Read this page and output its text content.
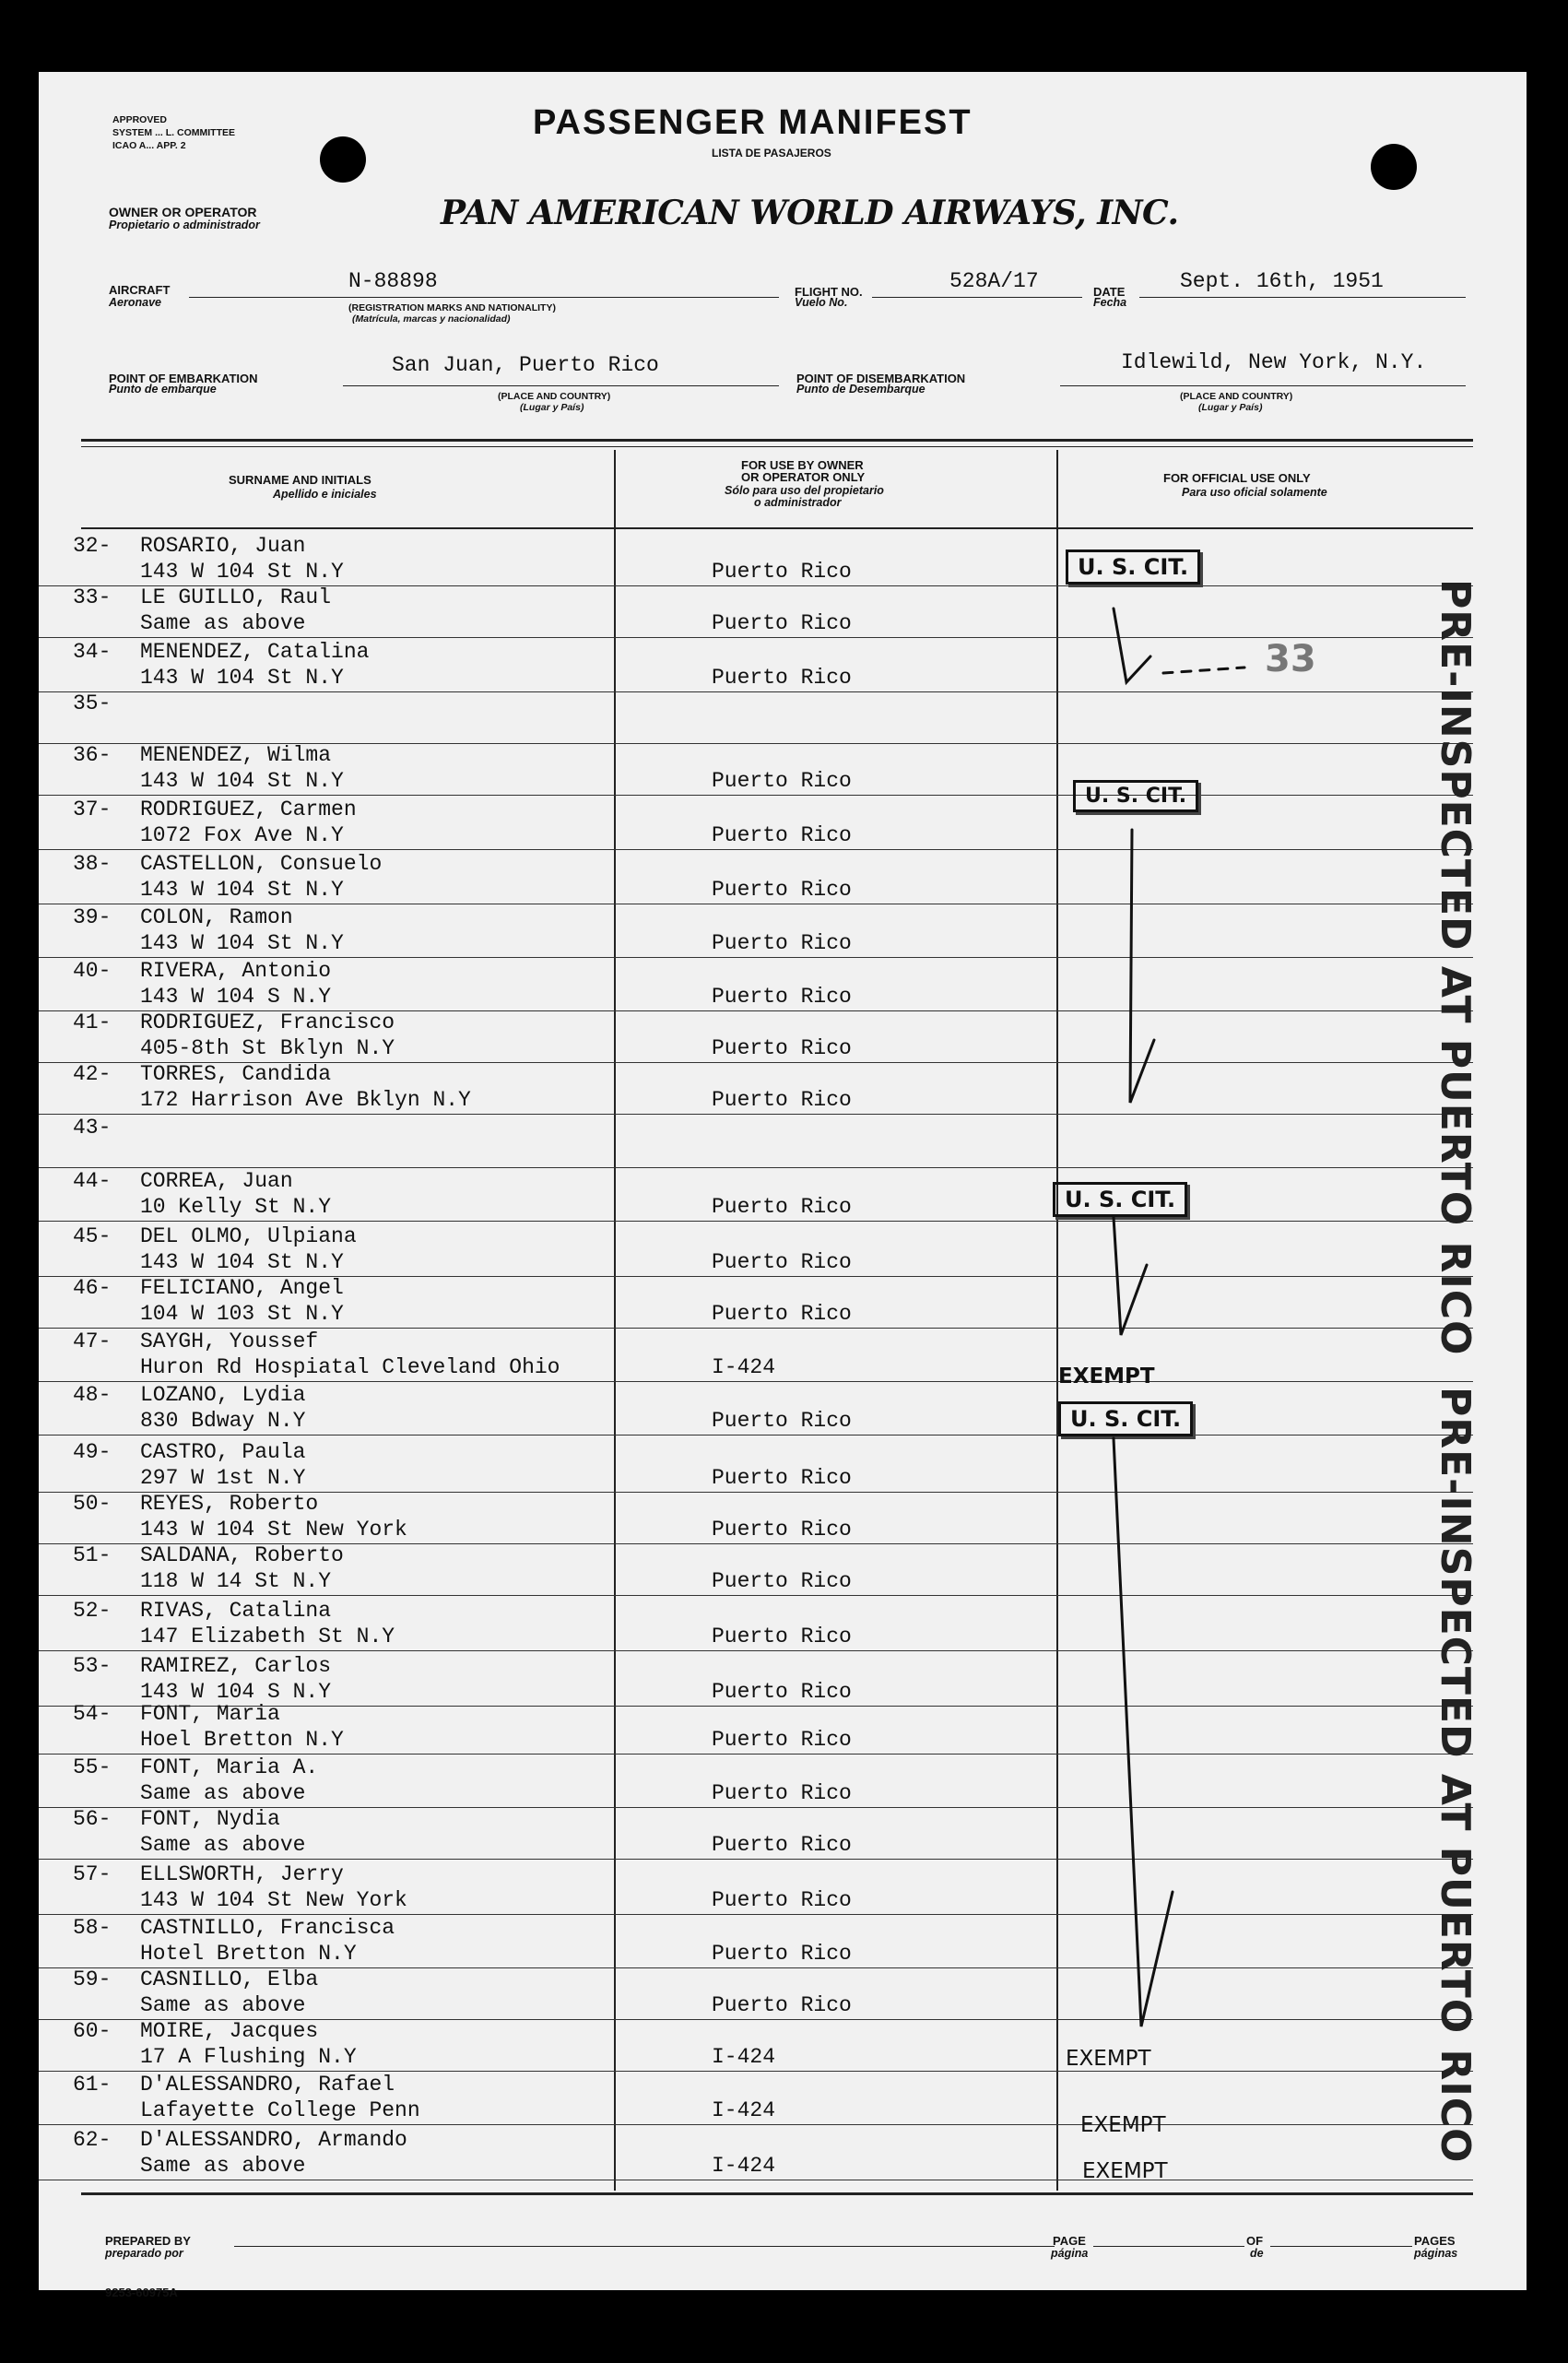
APPROVED
SYSTEM ... L. COMMITTEE
ICAO A... APP. 2
PASSENGER MANIFEST
LISTA DE PASAJEROS
OWNER OR OPERATOR
Propietario o administrador	PAN AMERICAN WORLD AIRWAYS, INC.
AIRCRAFT
Aeronave
N-88898
(REGISTRATION MARKS AND NATIONALITY)
(Matrícula, marcas y nacionalidad)
FLIGHT NO.
Vuelo No.
528A/17	DATE
Fecha
Sept. 16th, 1951
POINT OF EMBARKATION
Punto de embarque
San Juan, Puerto Rico
(PLACE AND COUNTRY)
(Lugar y País)
POINT OF DISEMBARKATION
Punto de Desembarque
Idlewild, New York, N.Y.
(PLACE AND COUNTRY)
(Lugar y País)
SURNAME AND INITIALS
Apellido e iniciales
FOR USE BY OWNER
OR OPERATOR ONLY
Sólo para uso del propietario
o administrador
FOR OFFICIAL USE ONLY
Para uso oficial solamente
32- ROSARIO, Juan
143 W 104 St N.Y	Puerto Rico
33- LE GUILLO, Raul
Same as above	Puerto Rico
34- MENENDEZ, Catalina
143 W 104 St N.Y	Puerto Rico
35-
36- MENENDEZ, Wilma
143 W 104 St N.Y	Puerto Rico
37- RODRIGUEZ, Carmen
1072 Fox Ave N.Y	Puerto Rico
38- CASTELLON, Consuelo
143 W 104 St N.Y	Puerto Rico
39- COLON, Ramon
143 W 104 St N.Y	Puerto Rico
40- RIVERA, Antonio
143 W 104 S N.Y	Puerto Rico
41- RODRIGUEZ, Francisco
405-8th St Bklyn N.Y	Puerto Rico
42- TORRES, Candida
172 Harrison Ave Bklyn N.Y	Puerto Rico
43-
44- CORREA, Juan
10 Kelly St N.Y	Puerto Rico
45- DEL OLMO, Ulpiana
143 W 104 St N.Y	Puerto Rico
46- FELICIANO, Angel
104 W 103 St N.Y	Puerto Rico
47- SAYGH, Youssef
Huron Rd Hospiatal Cleveland Ohio	I-424
48- LOZANO, Lydia
830 Bdway N.Y	Puerto Rico
49- CASTRO, Paula
297 W 1st N.Y	Puerto Rico
50- REYES, Roberto
143 W 104 St New York	Puerto Rico
51- SALDANA, Roberto
118 W 14 St N.Y	Puerto Rico
52- RIVAS, Catalina
147 Elizabeth St N.Y	Puerto Rico
53- RAMIREZ, Carlos
143 W 104 S N.Y	Puerto Rico
54- FONT, Maria
Hoel Bretton N.Y	Puerto Rico
55- FONT, Maria A.
Same as above	Puerto Rico
56- FONT, Nydia
Same as above	Puerto Rico
57- ELLSWORTH, Jerry
143 W 104 St New York	Puerto Rico
58- CASTNILLO, Francisca
Hotel Bretton N.Y	Puerto Rico
59- CASNILLO, Elba
Same as above	Puerto Rico
60- MOIRE, Jacques
17 A Flushing N.Y	I-424
61- D'ALESSANDRO, Rafael
Lafayette College Penn	I-424
62- D'ALESSANDRO, Armando
Same as above	I-424
U. S. CIT.
U. S. CIT.
U. S. CIT.
U. S. CIT.
EXEMPT
EXEMPT
EXEMPT
EXEMPT
33	PRE-INSPECTED AT PUERTO RICO
PRE-INSPECTED AT PUERTO RICO
PREPARED BY
preparado por
PAGE
página
OF
de
PAGES
páginas
9253-60975A
